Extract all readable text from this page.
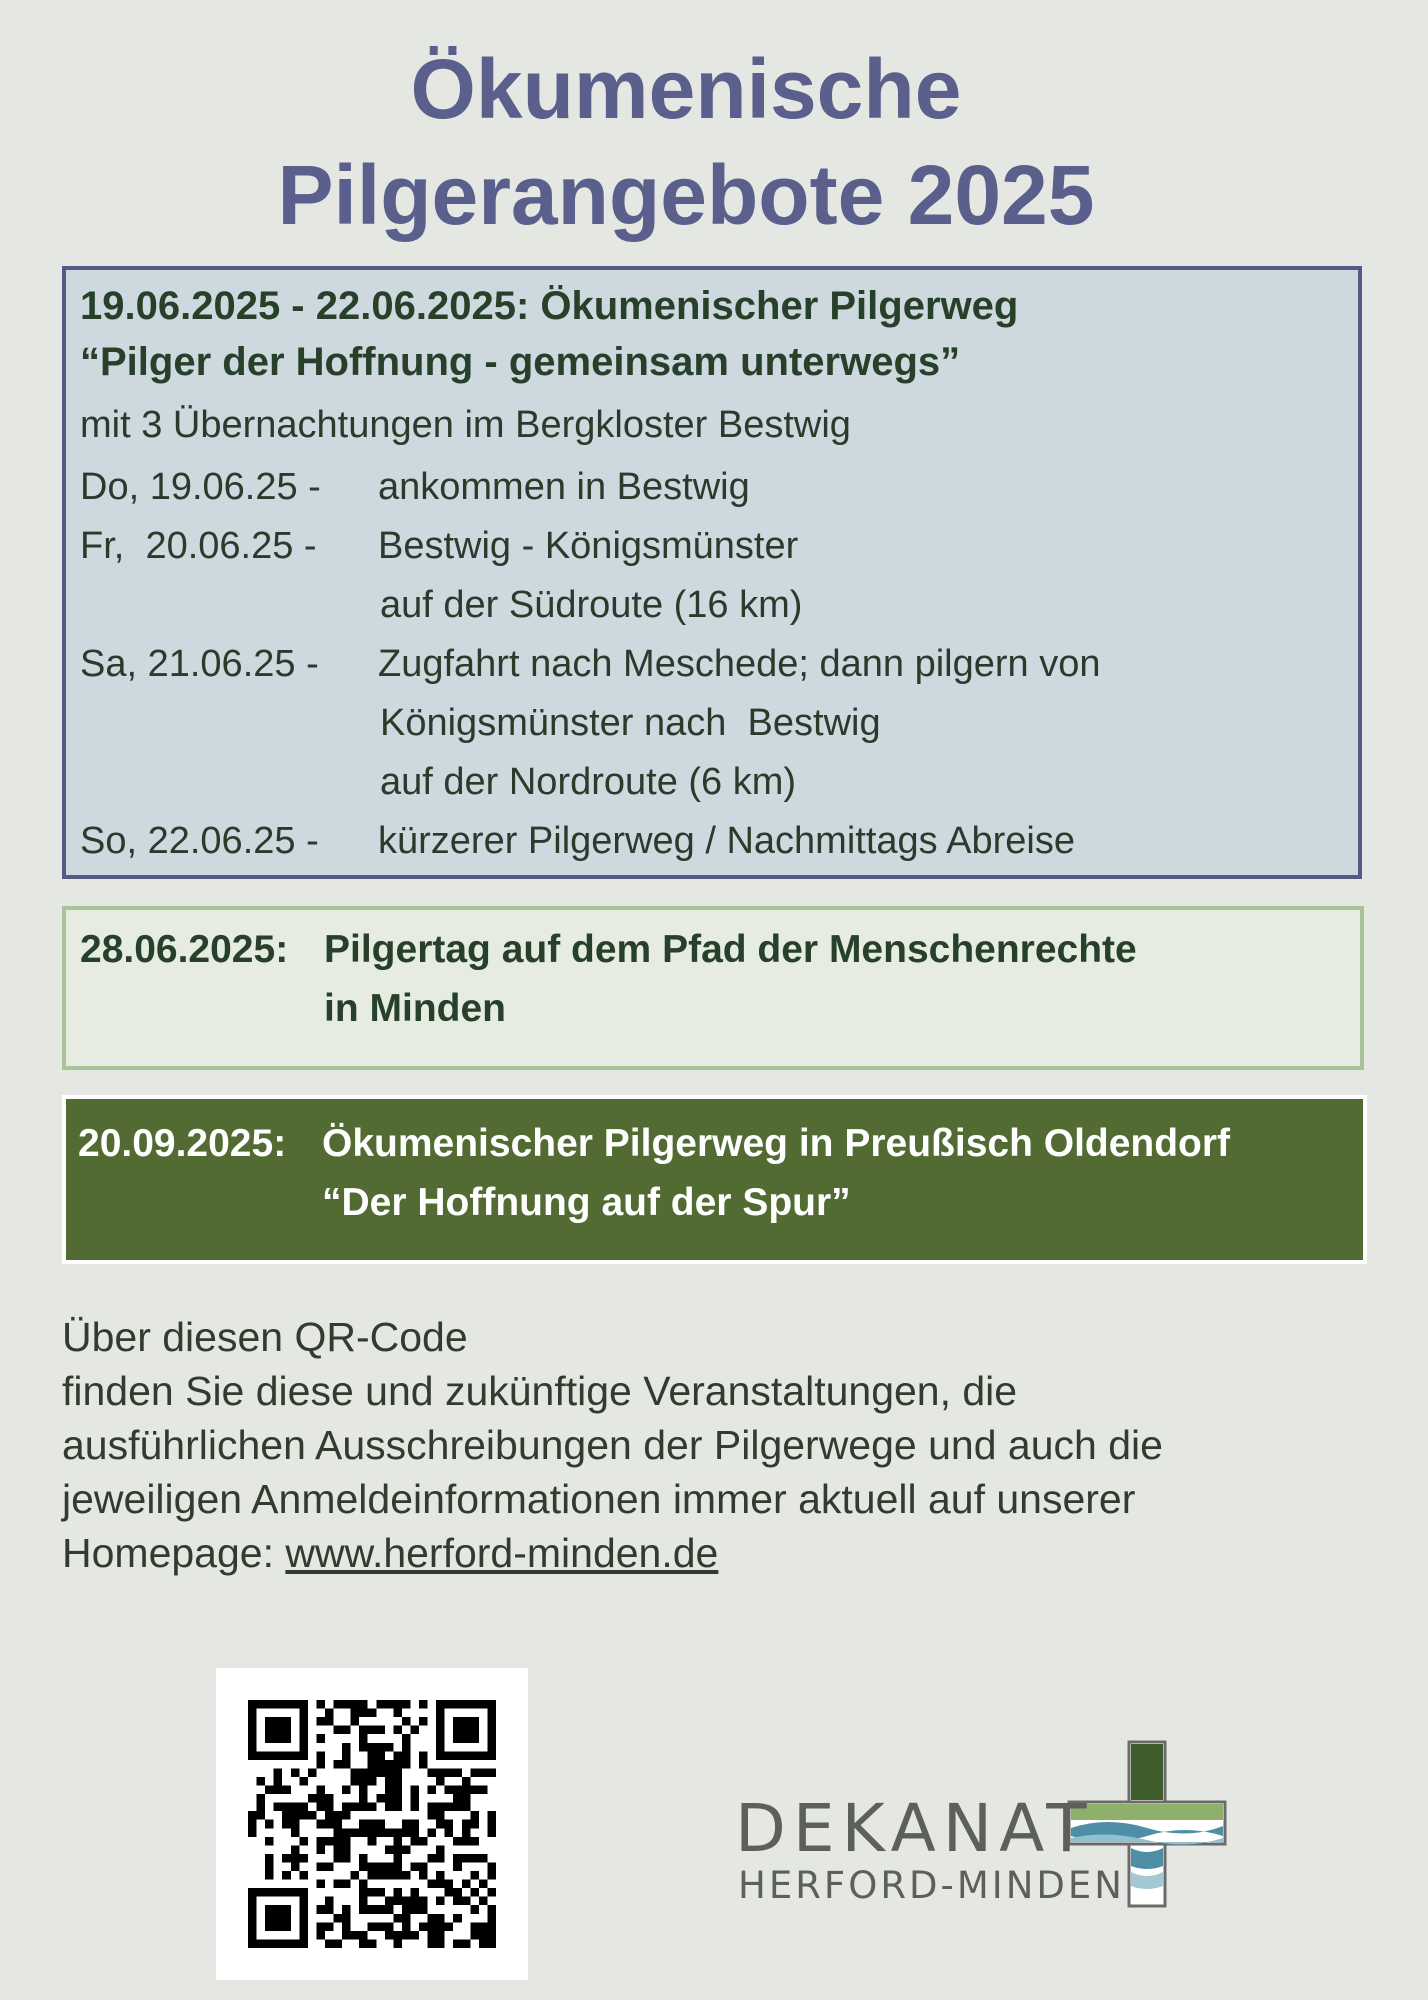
Ökumenische
Pilgerangebote 2025
19.06.2025 - 22.06.2025: Ökumenischer Pilgerweg
“Pilger der Hoffnung - gemeinsam unterwegs”
mit 3 Übernachtungen im Bergkloster Bestwig
Do, 19.06.25 -	ankommen in Bestwig
Fr,  20.06.25 -	Bestwig - Königsmünster
auf der Südroute (16 km)
Sa, 21.06.25 -	Zugfahrt nach Meschede; dann pilgern von
Königsmünster nach  Bestwig
auf der Nordroute (6 km)
So, 22.06.25 -	kürzerer Pilgerweg / Nachmittags Abreise
28.06.2025: Pilgertag auf dem Pfad der Menschenrechte
in Minden
20.09.2025: Ökumenischer Pilgerweg in Preußisch Oldendorf
“Der Hoffnung auf der Spur”
Über diesen QR-Code
finden Sie diese und zukünftige Veranstaltungen, die
ausführlichen Ausschreibungen der Pilgerwege und auch die
jeweiligen Anmeldeinformationen immer aktuell auf unserer
Homepage: www.herford-minden.de
DEKANAT
HERFORD-MINDEN
